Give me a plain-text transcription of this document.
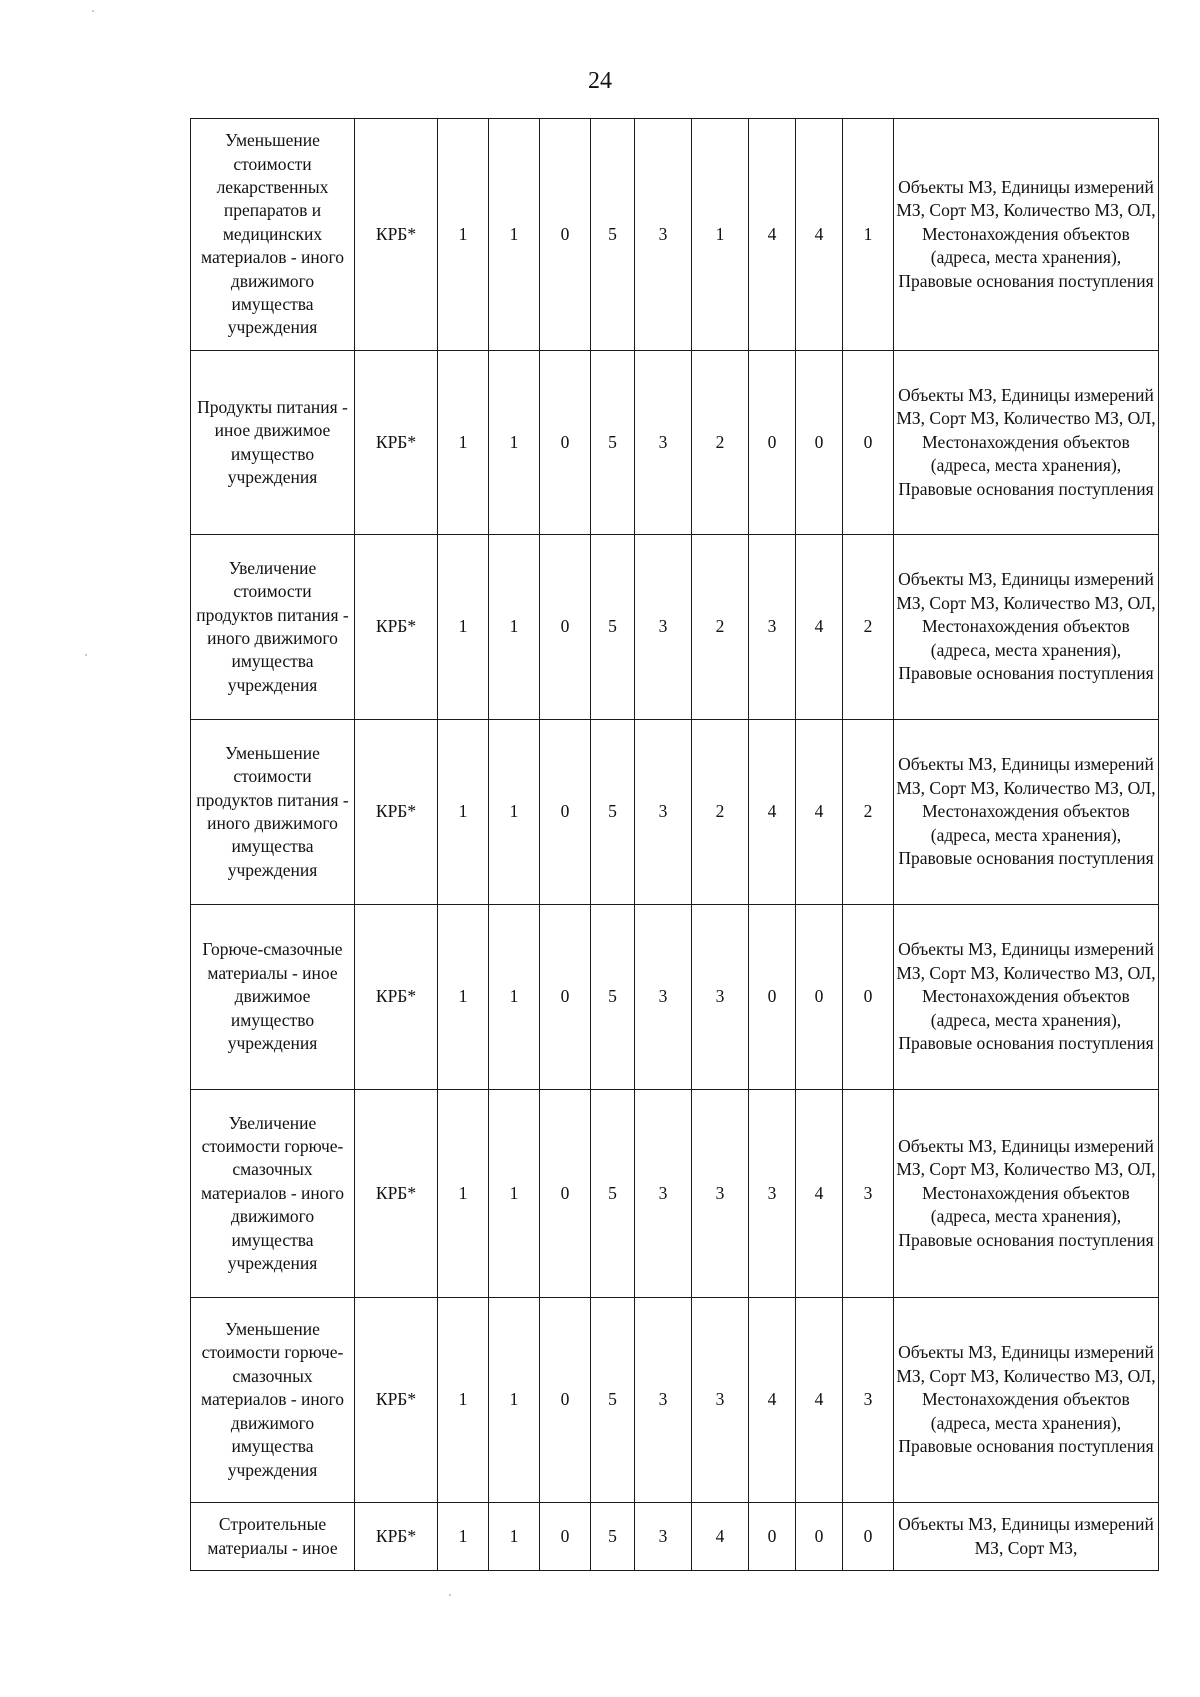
24
Уменьшение стоимости лекарственных препаратов и медицинских материалов - иного движимого имущества учреждения	КРБ*	1	1	0	5	3	1	4	4	1	Объекты МЗ, Единицы измерений МЗ, Сорт МЗ, Количество МЗ, ОЛ, Местонахождения объектов (адреса, места хранения), Правовые основания поступления
Продукты питания - иное движимое имущество учреждения	КРБ*	1	1	0	5	3	2	0	0	0	Объекты МЗ, Единицы измерений МЗ, Сорт МЗ, Количество МЗ, ОЛ, Местонахождения объектов (адреса, места хранения), Правовые основания поступления
Увеличение стоимости продуктов питания - иного движимого имущества учреждения	КРБ*	1	1	0	5	3	2	3	4	2	Объекты МЗ, Единицы измерений МЗ, Сорт МЗ, Количество МЗ, ОЛ, Местонахождения объектов (адреса, места хранения), Правовые основания поступления
Уменьшение стоимости продуктов питания - иного движимого имущества учреждения	КРБ*	1	1	0	5	3	2	4	4	2	Объекты МЗ, Единицы измерений МЗ, Сорт МЗ, Количество МЗ, ОЛ, Местонахождения объектов (адреса, места хранения), Правовые основания поступления
Горюче-смазочные материалы - иное движимое имущество учреждения	КРБ*	1	1	0	5	3	3	0	0	0	Объекты МЗ, Единицы измерений МЗ, Сорт МЗ, Количество МЗ, ОЛ, Местонахождения объектов (адреса, места хранения), Правовые основания поступления
Увеличение стоимости горюче-смазочных материалов - иного движимого имущества учреждения	КРБ*	1	1	0	5	3	3	3	4	3	Объекты МЗ, Единицы измерений МЗ, Сорт МЗ, Количество МЗ, ОЛ, Местонахождения объектов (адреса, места хранения), Правовые основания поступления
Уменьшение стоимости горюче-смазочных материалов - иного движимого имущества учреждения	КРБ*	1	1	0	5	3	3	4	4	3	Объекты МЗ, Единицы измерений МЗ, Сорт МЗ, Количество МЗ, ОЛ, Местонахождения объектов (адреса, места хранения), Правовые основания поступления
Строительные материалы - иное	КРБ*	1	1	0	5	3	4	0	0	0	Объекты МЗ, Единицы измерений МЗ, Сорт МЗ,
